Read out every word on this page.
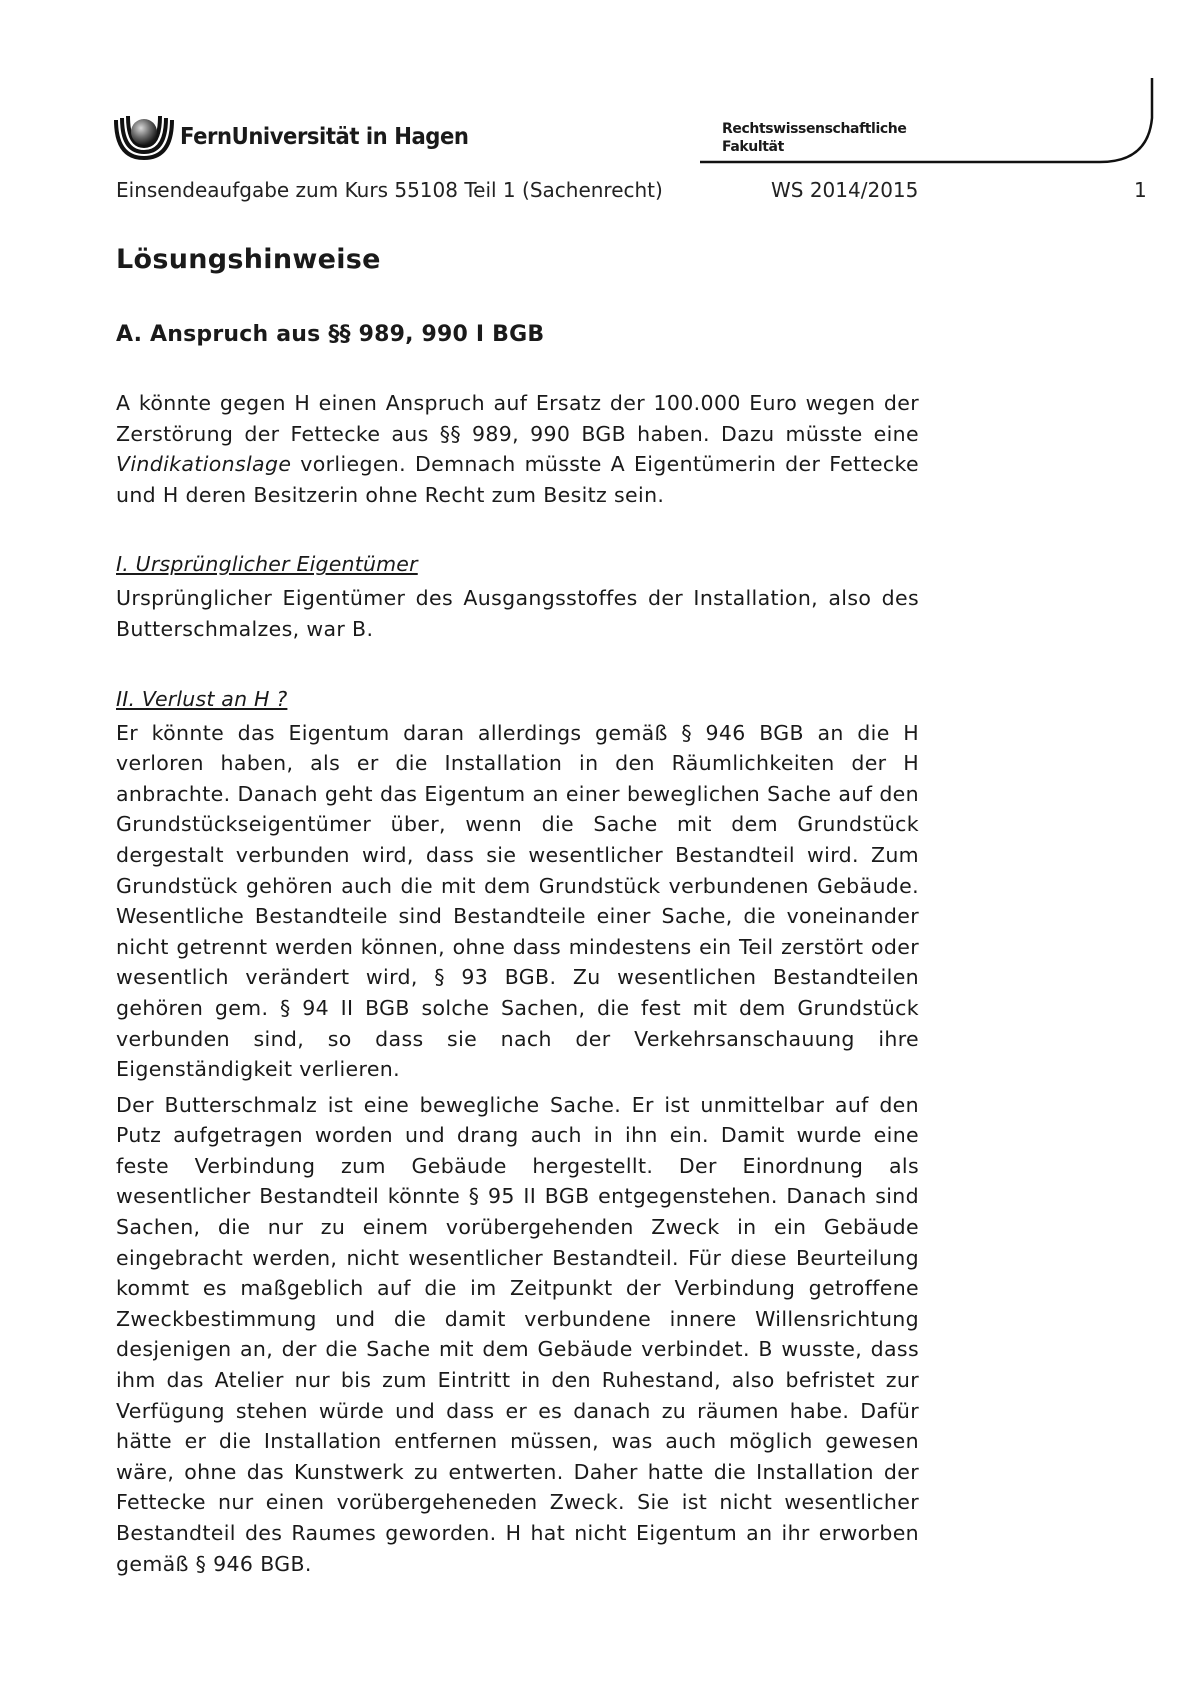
FernUniversität in Hagen	Rechtswissenschaftliche
Fakultät
Einsendeaufgabe zum Kurs 55108 Teil 1 (Sachenrecht)	WS 2014/2015	1
Lösungshinweise
A. Anspruch aus §§ 989, 990 I BGB

A könnte gegen H einen Anspruch auf Ersatz der 100.000 Euro wegen der Zerstörung der Fettecke aus §§ 989, 990 BGB haben. Dazu müsste eine Vindikationslage vorliegen. Demnach müsste A Eigentümerin der Fettecke und H deren Besitzerin ohne Recht zum Besitz sein.

I. Ursprünglicher Eigentümer

Ursprünglicher Eigentümer des Ausgangsstoffes der Installation, also des Butterschmalzes, war B.

II. Verlust an H ?

Er könnte das Eigentum daran allerdings gemäß § 946 BGB an die H verloren haben, als er die Installation in den Räumlichkeiten der H anbrachte. Danach geht das Eigentum an einer beweglichen Sache auf den Grundstückseigentümer über, wenn die Sache mit dem Grundstück dergestalt verbunden wird, dass sie wesentlicher Bestandteil wird. Zum Grundstück gehören auch die mit dem Grundstück verbundenen Gebäude. Wesentliche Bestandteile sind Bestandteile einer Sache, die voneinander nicht getrennt werden können, ohne dass mindestens ein Teil zerstört oder wesentlich verändert wird, § 93 BGB. Zu wesentlichen Bestandteilen gehören gem. § 94 II BGB solche Sachen, die fest mit dem Grundstück verbunden sind, so dass sie nach der Verkehrsanschauung ihre Eigenständigkeit verlieren.

Der Butterschmalz ist eine bewegliche Sache. Er ist unmittelbar auf den Putz aufgetragen worden und drang auch in ihn ein. Damit wurde eine feste Verbindung zum Gebäude hergestellt. Der Einordnung als wesentlicher Bestandteil könnte § 95 II BGB entgegenstehen. Danach sind Sachen, die nur zu einem vorübergehenden Zweck in ein Gebäude eingebracht werden, nicht wesentlicher Bestandteil. Für diese Beurteilung kommt es maßgeblich auf die im Zeitpunkt der Verbindung getroffene Zweckbestimmung und die damit verbundene innere Willensrichtung desjenigen an, der die Sache mit dem Gebäude verbindet. B wusste, dass ihm das Atelier nur bis zum Eintritt in den Ruhestand, also befristet zur Verfügung stehen würde und dass er es danach zu räumen habe. Dafür hätte er die Installation entfernen müssen, was auch möglich gewesen wäre, ohne das Kunstwerk zu entwerten. Daher hatte die Installation der Fettecke nur einen vorübergeheneden Zweck. Sie ist nicht wesentlicher Bestandteil des Raumes geworden. H hat nicht Eigentum an ihr erworben gemäß § 946 BGB.
